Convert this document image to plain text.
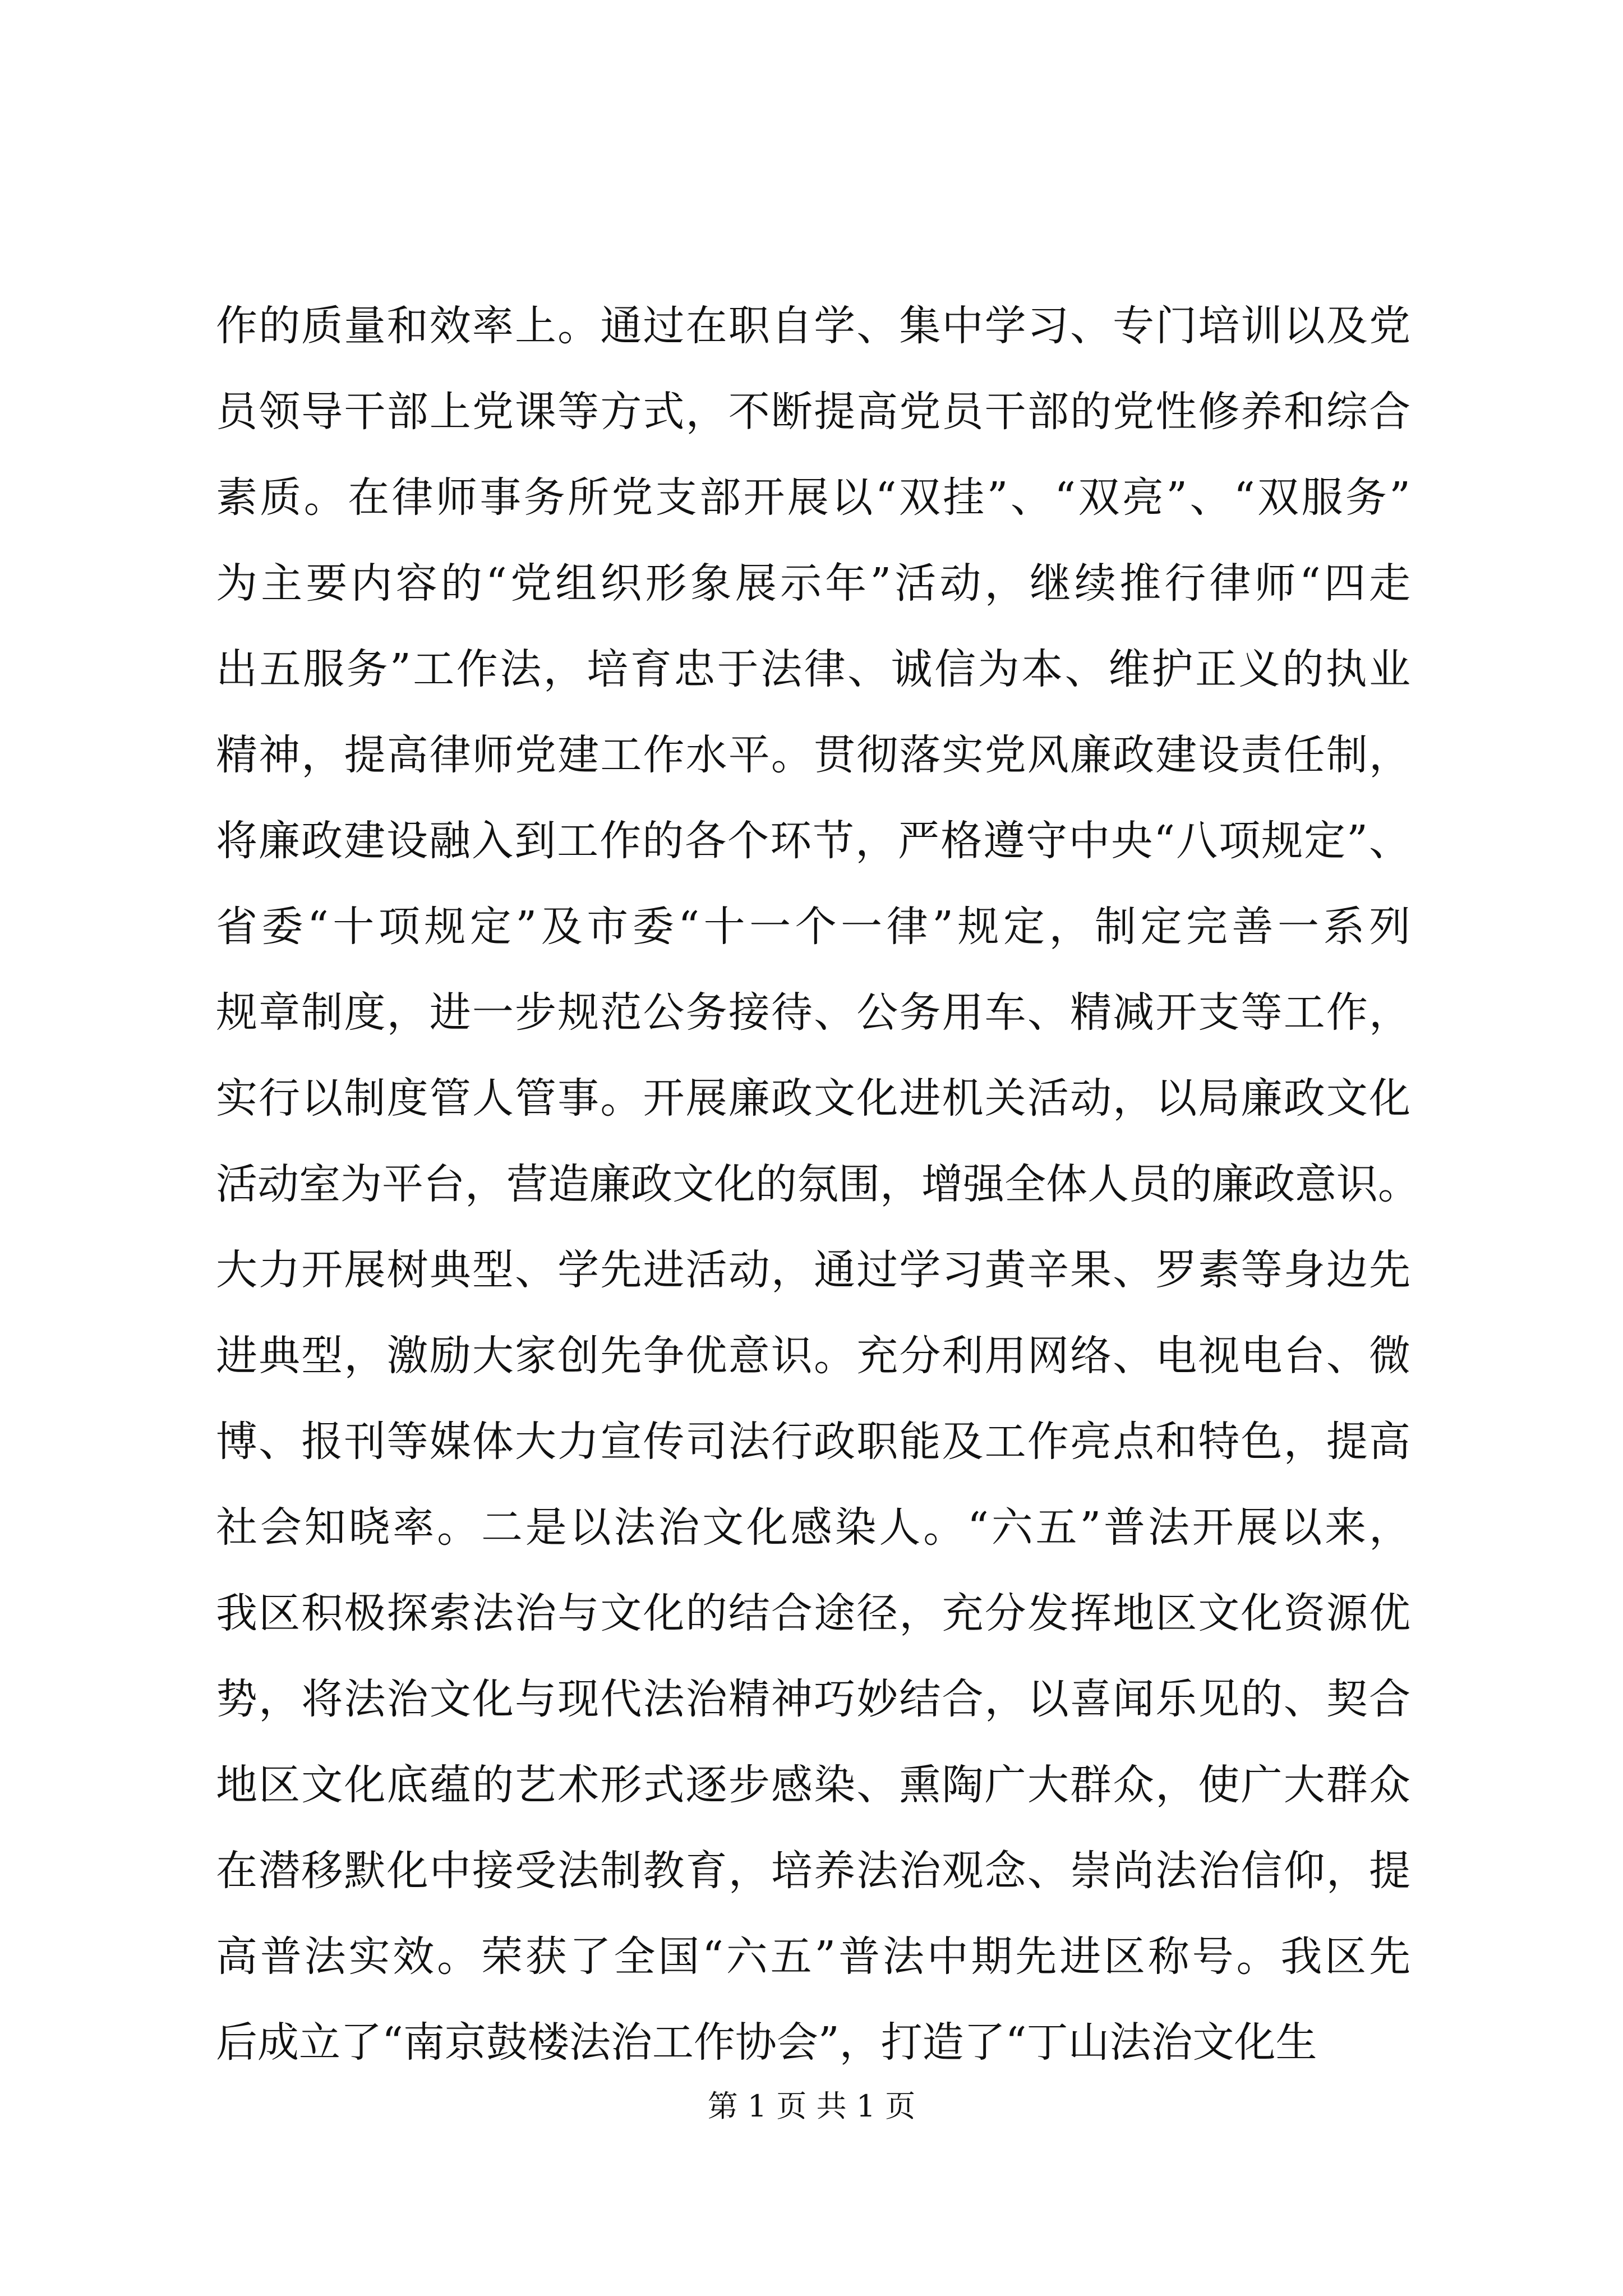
作的质量和效率上。通过在职自学、集中学习、专门培训以及党
员领导干部上党课等方式，不断提高党员干部的党性修养和综合
素质。在律师事务所党支部开展以“双挂”、“双亮”、“双服务”
为主要内容的“党组织形象展示年”活动，继续推行律师“四走
出五服务”工作法，培育忠于法律、诚信为本、维护正义的执业
精神，提高律师党建工作水平。贯彻落实党风廉政建设责任制，
将廉政建设融入到工作的各个环节，严格遵守中央“八项规定”、
省委“十项规定”及市委“十一个一律”规定，制定完善一系列
规章制度，进一步规范公务接待、公务用车、精减开支等工作，
实行以制度管人管事。开展廉政文化进机关活动，以局廉政文化
活动室为平台，营造廉政文化的氛围，增强全体人员的廉政意识。
大力开展树典型、学先进活动，通过学习黄辛果、罗素等身边先
进典型，激励大家创先争优意识。充分利用网络、电视电台、微
博、报刊等媒体大力宣传司法行政职能及工作亮点和特色，提高
社会知晓率。二是以法治文化感染人。“六五”普法开展以来，
我区积极探索法治与文化的结合途径，充分发挥地区文化资源优
势，将法治文化与现代法治精神巧妙结合，以喜闻乐见的、契合
地区文化底蕴的艺术形式逐步感染、熏陶广大群众，使广大群众
在潜移默化中接受法制教育，培养法治观念、崇尚法治信仰，提
高普法实效。荣获了全国“六五”普法中期先进区称号。我区先
后成立了“南京鼓楼法治工作协会”，打造了“丁山法治文化生
第 1 页 共 1 页
